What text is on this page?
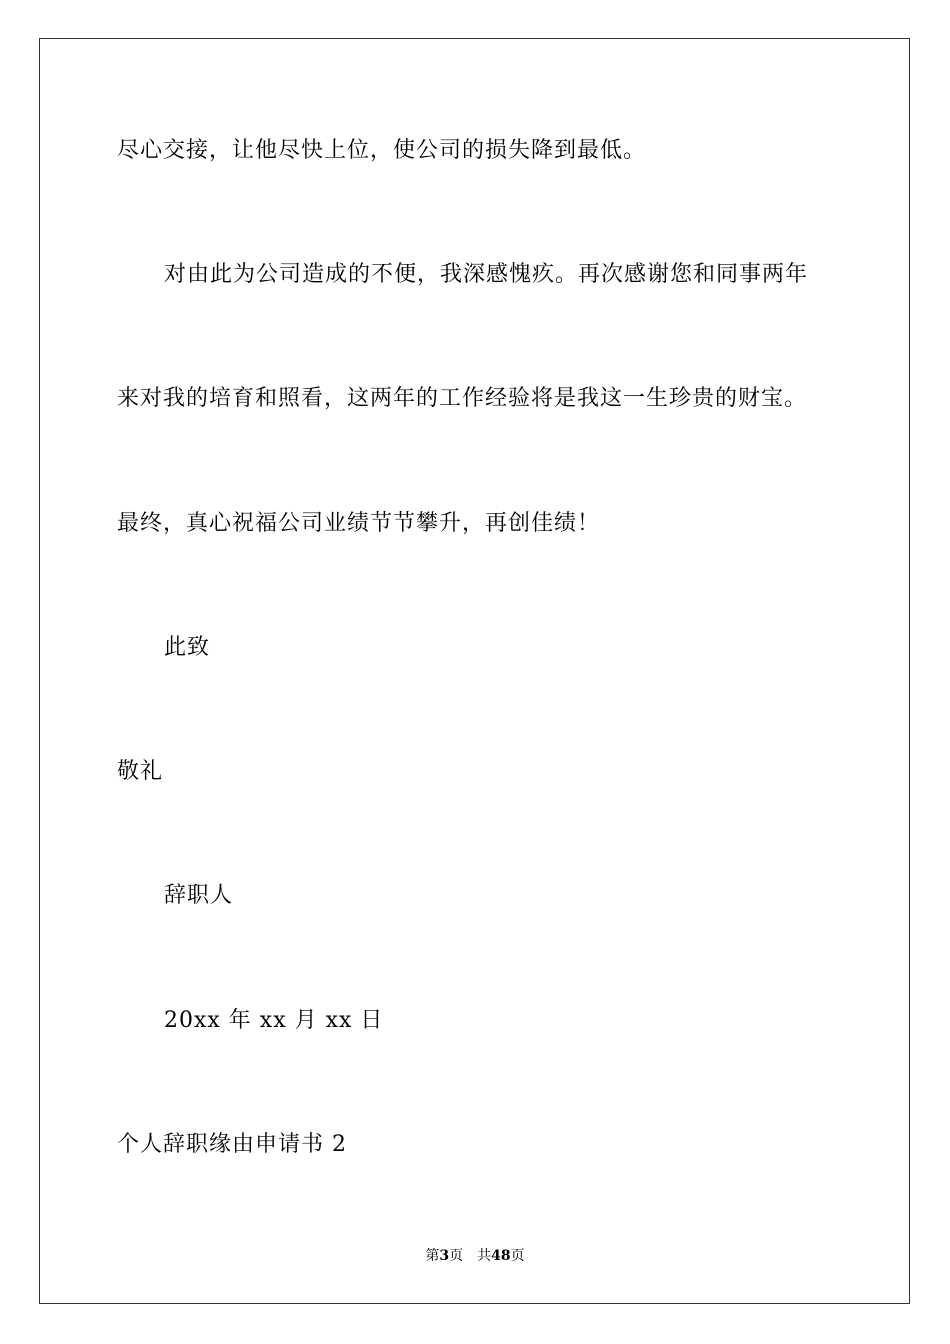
尽心交接，让他尽快上位，使公司的损失降到最低。
对由此为公司造成的不便，我深感愧疚。再次感谢您和同事两年
来对我的培育和照看，这两年的工作经验将是我这一生珍贵的财宝。
最终，真心祝福公司业绩节节攀升，再创佳绩！
此致
敬礼
辞职人
20xx 年 xx 月 xx 日
个人辞职缘由申请书 2
第3页 共48页
